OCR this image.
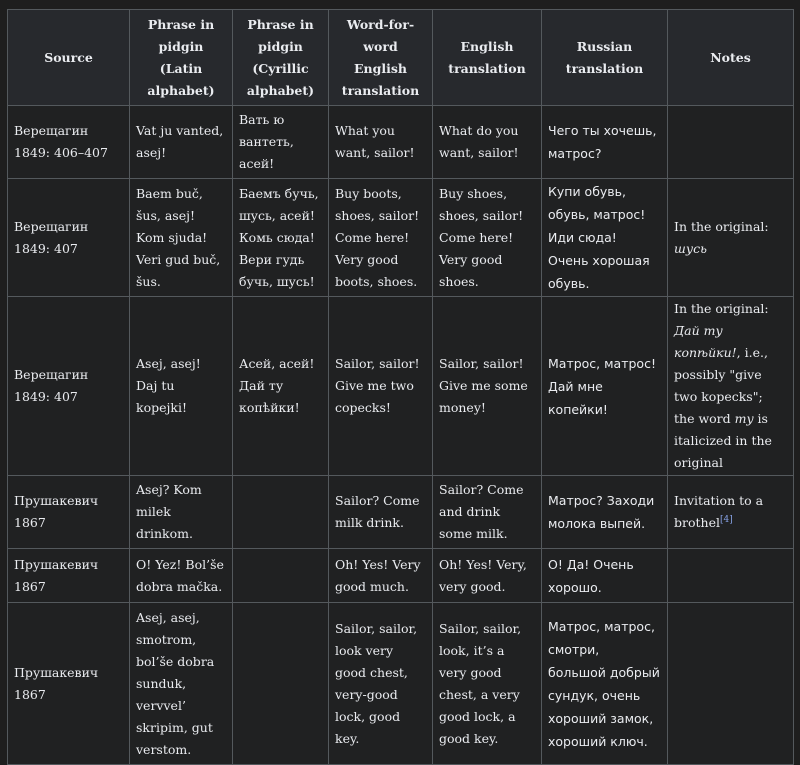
Source	Phrase in pidgin (Latin alphabet)	Phrase in pidgin (Cyrillic alphabet)	Word-for-word English translation	English translation	Russian translation	Notes
Верещагин 1849: 406–407	Vat ju vanted, asej!	Вать ю вантеть, асей!	What you want, sailor!	What do you want, sailor!	Чего ты хочешь, матрос?	
Верещагин 1849: 407	Baem buč, šus, asej! Kom sjuda! Veri gud buč, šus.	Баемъ бучь, шусь, асей! Комь сюда! Вери гудь бучь, шусь!	Buy boots, shoes, sailor! Come here! Very good boots, shoes.	Buy shoes, shoes, sailor! Come here! Very good shoes.	Купи обувь, обувь, матрос! Иди сюда! Очень хорошая обувь.	In the original: шусь
Верещагин 1849: 407	Asej, asej! Daj tu kopejki!	Асей, асей! Дай ту копѣйки!	Sailor, sailor! Give me two copecks!	Sailor, sailor! Give me some money!	Матрос, матрос! Дай мне копейки!	In the original: Дай ту копѣйки!, i.e., possibly "give two kopecks"; the word my is italicized in the original
Прушакевич 1867	Asej? Kom milek drinkom.		Sailor? Come milk drink.	Sailor? Come and drink some milk.	Матрос? Заходи молока выпей.	Invitation to a brothel[4]
Прушакевич 1867	O! Yez! Bol’še dobra mačka.		Oh! Yes! Very good much.	Oh! Yes! Very, very good.	О! Да! Очень хорошо.	
Прушакевич 1867	Asej, asej, smotrom, bol’še dobra sunduk, vervvel’ skripim, gut verstom.		Sailor, sailor, look very good chest, very-good lock, good key.	Sailor, sailor, look, it’s a very good chest, a very good lock, a good key.	Матрос, матрос, смотри, большой добрый сундук, очень хороший замок, хороший ключ.	
